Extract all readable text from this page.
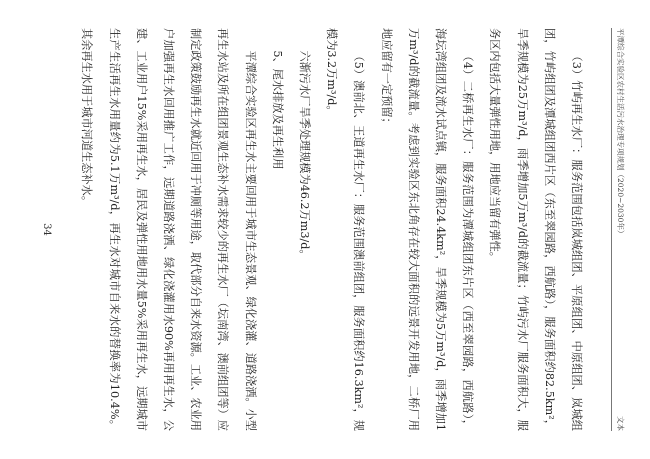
平潭综合实验区农村生活污水治理专项规划（2020~2030年）
文本

（3）竹屿再生水厂：服务范围包括岚城组团、平原组团、中原组团、岚城组团，竹屿组团及潭城组团西片区（东至翠园路，西航路），服务面积约82.5km²，旱季规模为25万m³/d，雨季增加5万m³/d的截流量；竹屿污水厂服务面积大，服务区内包括大量弹性用地，用地应当留有弹性。

（4）二桥再生水厂：服务范围为潭城组团东片区（西至翠园路，西航路），海坛湾组团及流水试点镇，服务面积24.4km²，旱季规模为5万m³/d，雨季增加1万m³/d的截流量。考虑到实验区东北角存在较大面积的远景开发用地，二桥厂用地应留有一定预留；

（5）澳前北、王道再生水厂：服务范围澳前组团，服务面积约16.3km²，规模为3.2万m³/d。

六渐污水厂旱季处理规模为46.2万m3/d。

5、尾水排放及再生利用

平潭综合实验区再生水主要回用于城市生态景观、绿化浇灌、道路浇洒。小型再生水站及所在组团景观生态补水需求较少的再生水厂（坛南湾、澳前组团等）应制定政策鼓励再生水就近回用于冲厕等用途，取代部分自来水资源。工业、农业用户加强再生水回用推广工作，远期道路浇洒、绿化浇灌用水90%再用再生水，公建、工业用户15%采用再生水，居民及弹性用地用水量5%采用再生水，远期城市生产生活再生水用量约为5.1万m³/d，再生水对城市自来水的替换率为10.4%。其余再生水用于城市河道生态补水。

34
